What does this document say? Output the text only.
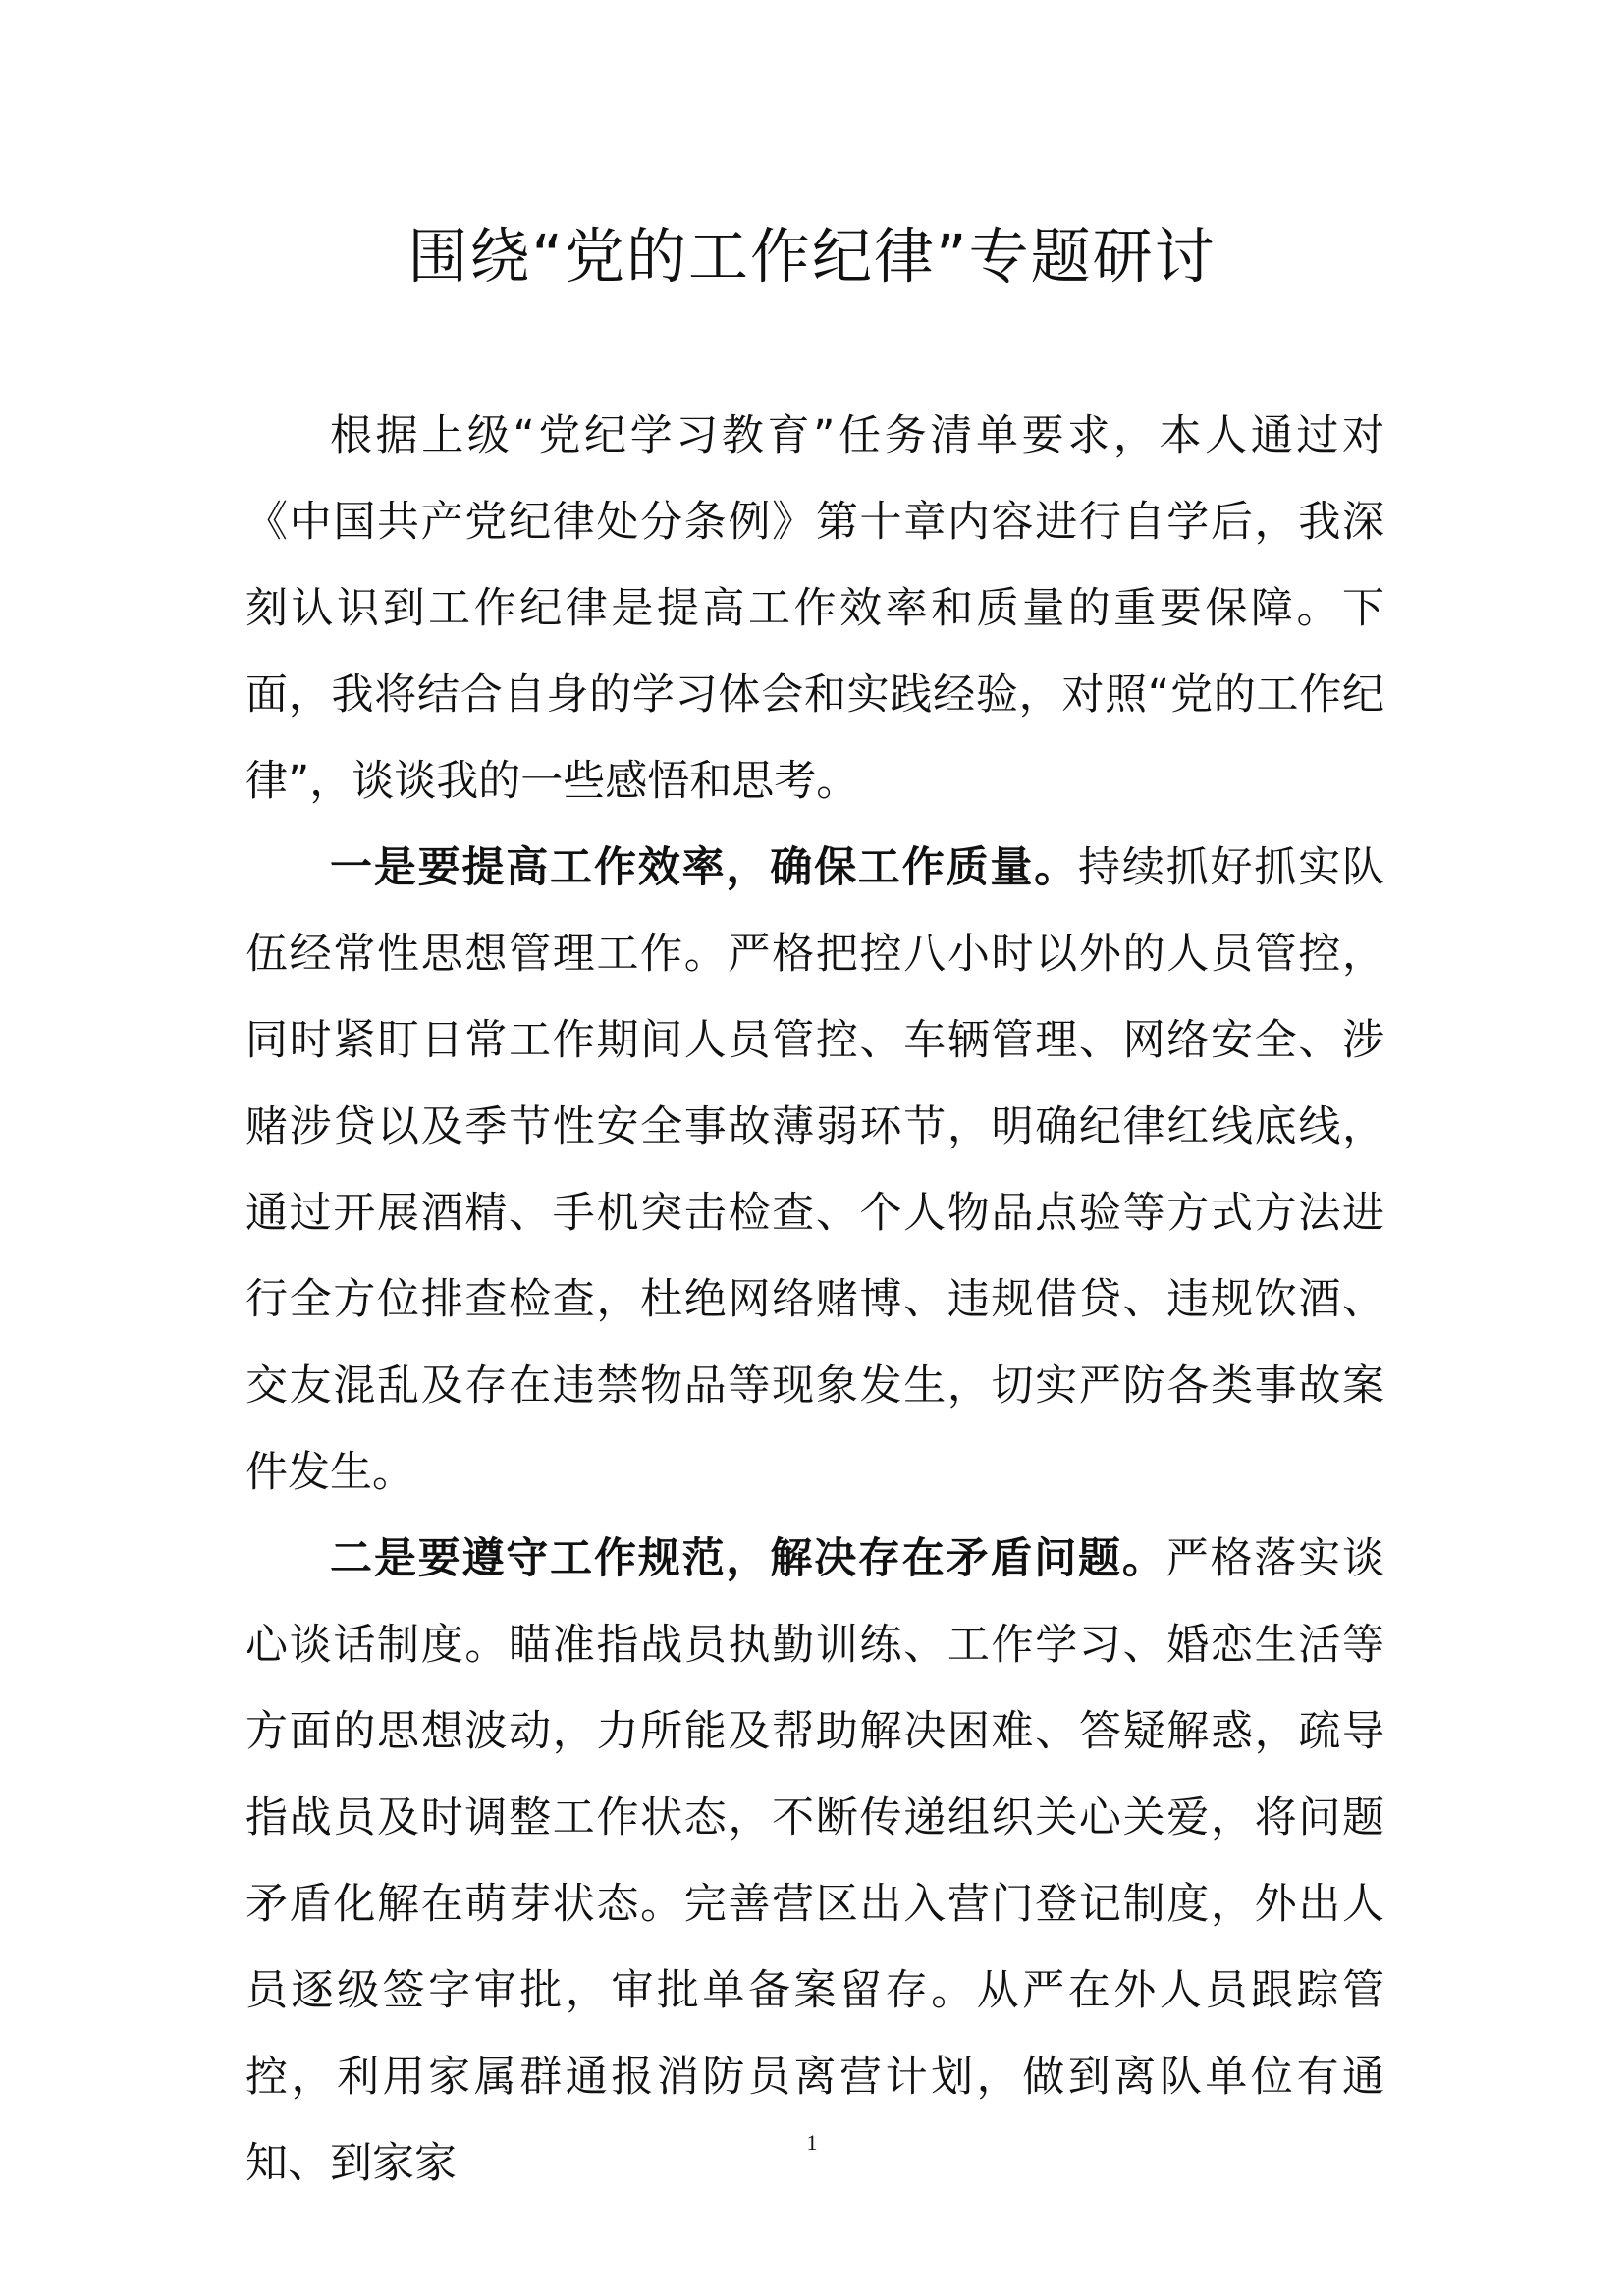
围绕“党的工作纪律”专题研讨

根据上级“党纪学习教育”任务清单要求，本人通过对《中国共产党纪律处分条例》第十章内容进行自学后，我深刻认识到工作纪律是提高工作效率和质量的重要保障。下面，我将结合自身的学习体会和实践经验，对照“党的工作纪律”，谈谈我的一些感悟和思考。

一是要提高工作效率，确保工作质量。持续抓好抓实队伍经常性思想管理工作。严格把控八小时以外的人员管控，同时紧盯日常工作期间人员管控、车辆管理、网络安全、涉赌涉贷以及季节性安全事故薄弱环节，明确纪律红线底线，通过开展酒精、手机突击检查、个人物品点验等方式方法进行全方位排查检查，杜绝网络赌博、违规借贷、违规饮酒、交友混乱及存在违禁物品等现象发生，切实严防各类事故案件发生。

二是要遵守工作规范，解决存在矛盾问题。严格落实谈心谈话制度。瞄准指战员执勤训练、工作学习、婚恋生活等方面的思想波动，力所能及帮助解决困难、答疑解惑，疏导指战员及时调整工作状态，不断传递组织关心关爱，将问题矛盾化解在萌芽状态。完善营区出入营门登记制度，外出人员逐级签字审批，审批单备案留存。从严在外人员跟踪管控，利用家属群通报消防员离营计划，做到离队单位有通知、到家家	1
